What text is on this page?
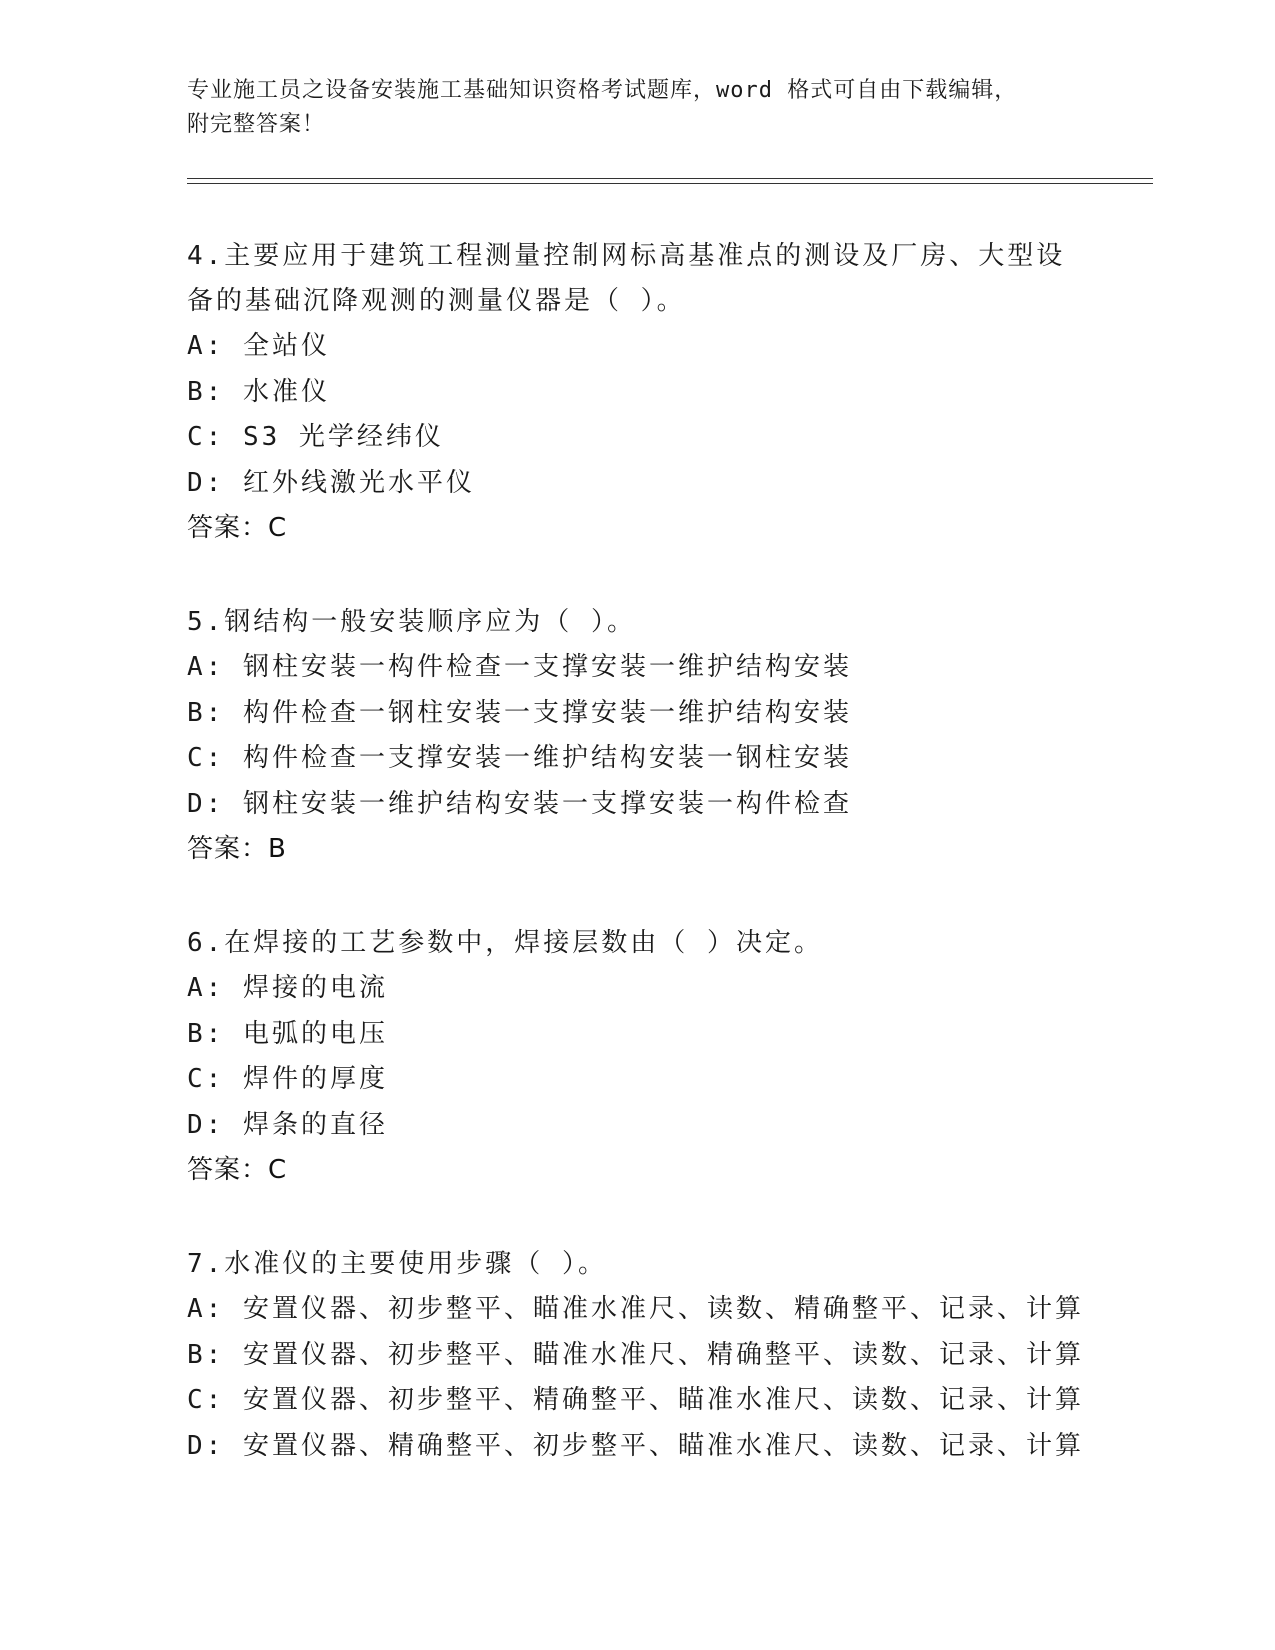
专业施工员之设备安装施工基础知识资格考试题库，word 格式可自由下载编辑，
附完整答案！

4.主要应用于建筑工程测量控制网标高基准点的测设及厂房、大型设

备的基础沉降观测的测量仪器是（ ）。

A: 全站仪

B: 水准仪

C: S3 光学经纬仪

D: 红外线激光水平仪

答案：C

5.钢结构一般安装顺序应为（ ）。

A: 钢柱安装一构件检查一支撑安装一维护结构安装

B: 构件检查一钢柱安装一支撑安装一维护结构安装

C: 构件检查一支撑安装一维护结构安装一钢柱安装

D: 钢柱安装一维护结构安装一支撑安装一构件检查

答案：B

6.在焊接的工艺参数中，焊接层数由（ ）决定。

A: 焊接的电流

B: 电弧的电压

C: 焊件的厚度

D: 焊条的直径

答案：C

7.水准仪的主要使用步骤（ ）。

A: 安置仪器、初步整平、瞄准水准尺、读数、精确整平、记录、计算

B: 安置仪器、初步整平、瞄准水准尺、精确整平、读数、记录、计算

C: 安置仪器、初步整平、精确整平、瞄准水准尺、读数、记录、计算

D: 安置仪器、精确整平、初步整平、瞄准水准尺、读数、记录、计算
